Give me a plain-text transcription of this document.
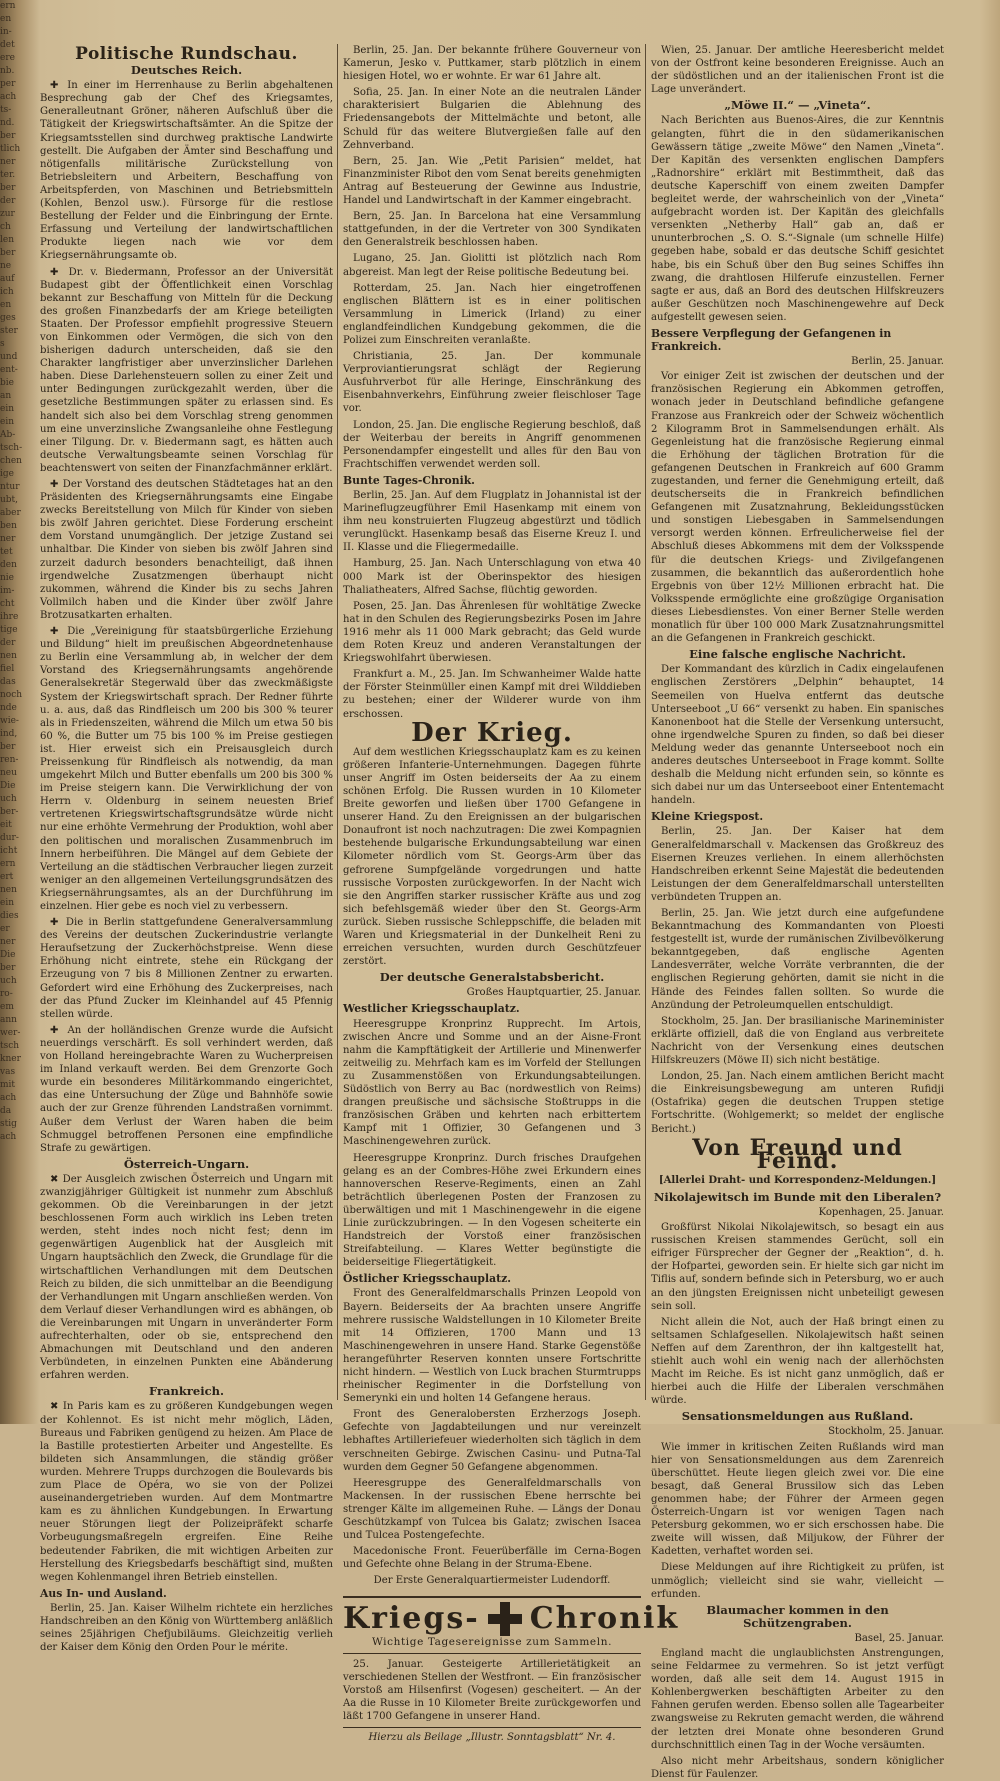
ern
en
in-
det
ere
nb.
per
ach
ts-
nd.
ber
tlich
ner
ter.
ber
der
zur
ch
len
ber
ne
auf
ich
en
ges
ster
s
und
ent-
bie
an
ein
ein
Ab-
tsch-
chen
ige
ntur
ubt,
aber
ben
ner
tet
den
nie
im-
cht
ihre
tige
der
nen
fiel
das
noch
nde
wie-
ind,
ber
ren-
neu
Die
uch
ber-
eit
dur-
icht
ern
ert
nen
ein
dies
er
ner
Die
ber
uch
ro-
em
ann
wer-
tsch
kner
vas
mit
ach
da
stig
ach
Politische Rundschau.
Deutsches Reich.

✚ In einer im Herrenhause zu Berlin abgehaltenen Besprechung gab der Chef des Kriegsamtes, Generalleutnant Gröner, näheren Aufschluß über die Tätigkeit der Kriegswirtschaftsämter. An die Spitze der Kriegsamtsstellen sind durchweg praktische Landwirte gestellt. Die Aufgaben der Ämter sind Beschaffung und nötigenfalls militärische Zurückstellung von Betriebsleitern und Arbeitern, Beschaffung von Arbeitspferden, von Maschinen und Betriebsmitteln (Kohlen, Benzol usw.). Fürsorge für die restlose Bestellung der Felder und die Einbringung der Ernte. Erfassung und Verteilung der landwirtschaftlichen Produkte liegen nach wie vor dem Kriegsernährungsamte ob.

✚ Dr. v. Biedermann, Professor an der Universität Budapest gibt der Öffentlichkeit einen Vorschlag bekannt zur Beschaffung von Mitteln für die Deckung des großen Finanzbedarfs der am Kriege beteiligten Staaten. Der Professor empfiehlt progressive Steuern von Einkommen oder Vermögen, die sich von den bisherigen dadurch unterscheiden, daß sie den Charakter langfristiger aber unverzinslicher Darlehen haben. Diese Darlehensteuern sollen zu einer Zeit und unter Bedingungen zurückgezahlt werden, über die gesetzliche Bestimmungen später zu erlassen sind. Es handelt sich also bei dem Vorschlag streng genommen um eine unverzinsliche Zwangsanleihe ohne Festlegung einer Tilgung. Dr. v. Biedermann sagt, es hätten auch deutsche Verwaltungsbeamte seinen Vorschlag für beachtenswert von seiten der Finanzfachmänner erklärt.

✚ Der Vorstand des deutschen Städtetages hat an den Präsidenten des Kriegsernährungsamts eine Eingabe zwecks Bereitstellung von Milch für Kinder von sieben bis zwölf Jahren gerichtet. Diese Forderung erscheint dem Vorstand unumgänglich. Der jetzige Zustand sei unhaltbar. Die Kinder von sieben bis zwölf Jahren sind zurzeit dadurch besonders benachteiligt, daß ihnen irgendwelche Zusatzmengen überhaupt nicht zukommen, während die Kinder bis zu sechs Jahren Vollmilch haben und die Kinder über zwölf Jahre Brotzusatkarten erhalten.

✚ Die „Vereinigung für staatsbürgerliche Erziehung und Bildung“ hielt im preußischen Abgeordnetenhause zu Berlin eine Versammlung ab, in welcher der dem Vorstand des Kriegsernährungsamts angehörende Generalsekretär Stegerwald über das zweckmäßigste System der Kriegswirtschaft sprach. Der Redner führte u. a. aus, daß das Rindfleisch um 200 bis 300 % teurer als in Friedenszeiten, während die Milch um etwa 50 bis 60 %, die Butter um 75 bis 100 % im Preise gestiegen ist. Hier erweist sich ein Preisausgleich durch Preissenkung für Rindfleisch als notwendig, da man umgekehrt Milch und Butter ebenfalls um 200 bis 300 % im Preise steigern kann. Die Verwirklichung der von Herrn v. Oldenburg in seinem neuesten Brief vertretenen Kriegswirtschaftsgrundsätze würde nicht nur eine erhöhte Vermehrung der Produktion, wohl aber den politischen und moralischen Zusammenbruch im Innern herbeiführen. Die Mängel auf dem Gebiete der Verteilung an die städtischen Verbraucher liegen zurzeit weniger an den allgemeinen Verteilungsgrundsätzen des Kriegsernährungsamtes, als an der Durchführung im einzelnen. Hier gebe es noch viel zu verbessern.

✚ Die in Berlin stattgefundene Generalversammlung des Vereins der deutschen Zuckerindustrie verlangte Heraufsetzung der Zuckerhöchstpreise. Wenn diese Erhöhung nicht eintrete, stehe ein Rückgang der Erzeugung von 7 bis 8 Millionen Zentner zu erwarten. Gefordert wird eine Erhöhung des Zuckerpreises, nach der das Pfund Zucker im Kleinhandel auf 45 Pfennig stellen würde.

✚ An der holländischen Grenze wurde die Aufsicht neuerdings verschärft. Es soll verhindert werden, daß von Holland hereingebrachte Waren zu Wucherpreisen im Inland verkauft werden. Bei dem Grenzorte Goch wurde ein besonderes Militärkommando eingerichtet, das eine Untersuchung der Züge und Bahnhöfe sowie auch der zur Grenze führenden Landstraßen vornimmt. Außer dem Verlust der Waren haben die beim Schmuggel betroffenen Personen eine empfindliche Strafe zu gewärtigen.

Österreich-Ungarn.

✖ Der Ausgleich zwischen Österreich und Ungarn mit zwanzigjähriger Gültigkeit ist nunmehr zum Abschluß gekommen. Ob die Vereinbarungen in der jetzt beschlossenen Form auch wirklich ins Leben treten werden, steht indes noch nicht fest; denn im gegenwärtigen Augenblick hat der Ausgleich mit Ungarn hauptsächlich den Zweck, die Grundlage für die wirtschaftlichen Verhandlungen mit dem Deutschen Reich zu bilden, die sich unmittelbar an die Beendigung der Verhandlungen mit Ungarn anschließen werden. Von dem Verlauf dieser Verhandlungen wird es abhängen, ob die Vereinbarungen mit Ungarn in unveränderter Form aufrechterhalten, oder ob sie, entsprechend den Abmachungen mit Deutschland und den anderen Verbündeten, in einzelnen Punkten eine Abänderung erfahren werden.

Frankreich.

✖ In Paris kam es zu größeren Kundgebungen wegen der Kohlennot. Es ist nicht mehr möglich, Läden, Bureaus und Fabriken genügend zu heizen. Am Place de la Bastille protestierten Arbeiter und Angestellte. Es bildeten sich Ansammlungen, die ständig größer wurden. Mehrere Trupps durchzogen die Boulevards bis zum Place de Opéra, wo sie von der Polizei auseinandergetrieben wurden. Auf dem Montmartre kam es zu ähnlichen Kundgebungen. In Erwartung neuer Störungen liegt der Polizeipräfekt scharfe Vorbeugungsmaßregeln ergreifen. Eine Reihe bedeutender Fabriken, die mit wichtigen Arbeiten zur Herstellung des Kriegsbedarfs beschäftigt sind, mußten wegen Kohlenmangel ihren Betrieb einstellen.

Aus In- und Ausland.

Berlin, 25. Jan. Kaiser Wilhelm richtete ein herzliches Handschreiben an den König von Württemberg anläßlich seines 25jährigen Chefjubiläums. Gleichzeitig verlieh der Kaiser dem König den Orden Pour le mérite.

Berlin, 25. Jan. Der bekannte frühere Gouverneur von Kamerun, Jesko v. Puttkamer, starb plötzlich in einem hiesigen Hotel, wo er wohnte. Er war 61 Jahre alt.

Sofia, 25. Jan. In einer Note an die neutralen Länder charakterisiert Bulgarien die Ablehnung des Friedensangebots der Mittelmächte und betont, alle Schuld für das weitere Blutvergießen falle auf den Zehnverband.

Bern, 25. Jan. Wie „Petit Parisien“ meldet, hat Finanzminister Ribot den vom Senat bereits genehmigten Antrag auf Besteuerung der Gewinne aus Industrie, Handel und Landwirtschaft in der Kammer eingebracht.

Bern, 25. Jan. In Barcelona hat eine Versammlung stattgefunden, in der die Vertreter von 300 Syndikaten den Generalstreik beschlossen haben.

Lugano, 25. Jan. Giolitti ist plötzlich nach Rom abgereist. Man legt der Reise politische Bedeutung bei.

Rotterdam, 25. Jan. Nach hier eingetroffenen englischen Blättern ist es in einer politischen Versammlung in Limerick (Irland) zu einer englandfeindlichen Kundgebung gekommen, die die Polizei zum Einschreiten veranlaßte.

Christiania, 25. Jan. Der kommunale Verproviantierungsrat schlägt der Regierung Ausfuhrverbot für alle Heringe, Einschränkung des Eisenbahnverkehrs, Einführung zweier fleischloser Tage vor.

London, 25. Jan. Die englische Regierung beschloß, daß der Weiterbau der bereits in Angriff genommenen Personendampfer eingestellt und alles für den Bau von Frachtschiffen verwendet werden soll.

Bunte Tages-Chronik.

Berlin, 25. Jan. Auf dem Flugplatz in Johannistal ist der Marineflugzeugführer Emil Hasenkamp mit einem von ihm neu konstruierten Flugzeug abgestürzt und tödlich verunglückt. Hasenkamp besaß das Eiserne Kreuz I. und II. Klasse und die Fliegermedaille.

Hamburg, 25. Jan. Nach Unterschlagung von etwa 40 000 Mark ist der Oberinspektor des hiesigen Thaliatheaters, Alfred Sachse, flüchtig geworden.

Posen, 25. Jan. Das Ährenlesen für wohltätige Zwecke hat in den Schulen des Regierungsbezirks Posen im Jahre 1916 mehr als 11 000 Mark gebracht; das Geld wurde dem Roten Kreuz und anderen Veranstaltungen der Kriegswohlfahrt überwiesen.

Frankfurt a. M., 25. Jan. Im Schwanheimer Walde hatte der Förster Steinmüller einen Kampf mit drei Wilddieben zu bestehen; einer der Wilderer wurde von ihm erschossen.

Der Krieg.

Auf dem westlichen Kriegsschauplatz kam es zu keinen größeren Infanterie-Unternehmungen. Dagegen führte unser Angriff im Osten beiderseits der Aa zu einem schönen Erfolg. Die Russen wurden in 10 Kilometer Breite geworfen und ließen über 1700 Gefangene in unserer Hand. Zu den Ereignissen an der bulgarischen Donaufront ist noch nachzutragen: Die zwei Kompagnien bestehende bulgarische Erkundungsabteilung war einen Kilometer nördlich vom St. Georgs-Arm über das gefrorene Sumpfgelände vorgedrungen und hatte russische Vorposten zurückgeworfen. In der Nacht wich sie den Angriffen starker russischer Kräfte aus und zog sich befehlsgemäß wieder über den St. Georgs-Arm zurück. Sieben russische Schleppschiffe, die beladen mit Waren und Kriegsmaterial in der Dunkelheit Reni zu erreichen versuchten, wurden durch Geschützfeuer zerstört.

Der deutsche Generalstabsbericht.
Großes Hauptquartier, 25. Januar.
Westlicher Kriegsschauplatz.

Heeresgruppe Kronprinz Rupprecht. Im Artois, zwischen Ancre und Somme und an der Aisne-Front nahm die Kampftätigkeit der Artillerie und Minenwerfer zeitweilig zu. Mehrfach kam es im Vorfeld der Stellungen zu Zusammenstößen von Erkundungsabteilungen. Südöstlich von Berry au Bac (nordwestlich von Reims) drangen preußische und sächsische Stoßtrupps in die französischen Gräben und kehrten nach erbittertem Kampf mit 1 Offizier, 30 Gefangenen und 3 Maschinengewehren zurück.

Heeresgruppe Kronprinz. Durch frisches Draufgehen gelang es an der Combres-Höhe zwei Erkundern eines hannoverschen Reserve-Regiments, einen an Zahl beträchtlich überlegenen Posten der Franzosen zu überwältigen und mit 1 Maschinengewehr in die eigene Linie zurückzubringen. — In den Vogesen scheiterte ein Handstreich der Vorstoß einer französischen Streifabteilung. — Klares Wetter begünstigte die beiderseitige Fliegertätigkeit.

Östlicher Kriegsschauplatz.

Front des Generalfeldmarschalls Prinzen Leopold von Bayern. Beiderseits der Aa brachten unsere Angriffe mehrere russische Waldstellungen in 10 Kilometer Breite mit 14 Offizieren, 1700 Mann und 13 Maschinengewehren in unsere Hand. Starke Gegenstöße herangeführter Reserven konnten unsere Fortschritte nicht hindern. — Westlich von Luck brachen Sturmtrupps rheinischer Regimenter in die Dorfstellung von Semerynki ein und holten 14 Gefangene heraus.

Front des Generalobersten Erzherzogs Joseph. Gefechte von Jagdabteilungen und nur vereinzelt lebhaftes Artilleriefeuer wiederholten sich täglich in dem verschneiten Gebirge. Zwischen Casinu- und Putna-Tal wurden dem Gegner 50 Gefangene abgenommen.

Heeresgruppe des Generalfeldmarschalls von Mackensen. In der russischen Ebene herrschte bei strenger Kälte im allgemeinen Ruhe. — Längs der Donau Geschützkampf von Tulcea bis Galatz; zwischen Isacea und Tulcea Postengefechte.

Macedonische Front. Feuerüberfälle im Cerna-Bogen und Gefechte ohne Belang in der Struma-Ebene.

Der Erste Generalquartiermeister Ludendorff.
Kriegs- Chronik
Wichtige Tagesereignisse zum Sammeln.

25. Januar. Gesteigerte Artillerietätigkeit an verschiedenen Stellen der Westfront. — Ein französischer Vorstoß am Hilsenfirst (Vogesen) gescheitert. — An der Aa die Russe in 10 Kilometer Breite zurückgeworfen und läßt 1700 Gefangene in unserer Hand.

Hierzu als Beilage „Illustr. Sonntagsblatt“ Nr. 4.

Wien, 25. Januar. Der amtliche Heeresbericht meldet von der Ostfront keine besonderen Ereignisse. Auch an der südöstlichen und an der italienischen Front ist die Lage unverändert.

„Möwe II.“ — „Vineta“.

Nach Berichten aus Buenos-Aires, die zur Kenntnis gelangten, führt die in den südamerikanischen Gewässern tätige „zweite Möwe“ den Namen „Vineta“. Der Kapitän des versenkten englischen Dampfers „Radnorshire“ erklärt mit Bestimmtheit, daß das deutsche Kaperschiff von einem zweiten Dampfer begleitet werde, der wahrscheinlich von der „Vineta“ aufgebracht worden ist. Der Kapitän des gleichfalls versenkten „Netherby Hall“ gab an, daß er ununterbrochen „S. O. S.“-Signale (um schnelle Hilfe) gegeben habe, sobald er das deutsche Schiff gesichtet habe, bis ein Schuß über den Bug seines Schiffes ihn zwang, die drahtlosen Hilferufe einzustellen. Ferner sagte er aus, daß an Bord des deutschen Hilfskreuzers außer Geschützen noch Maschinengewehre auf Deck aufgestellt gewesen seien.

Bessere Verpflegung der Gefangenen in Frankreich.
Berlin, 25. Januar.

Vor einiger Zeit ist zwischen der deutschen und der französischen Regierung ein Abkommen getroffen, wonach jeder in Deutschland befindliche gefangene Franzose aus Frankreich oder der Schweiz wöchentlich 2 Kilogramm Brot in Sammelsendungen erhält. Als Gegenleistung hat die französische Regierung einmal die Erhöhung der täglichen Brotration für die gefangenen Deutschen in Frankreich auf 600 Gramm zugestanden, und ferner die Genehmigung erteilt, daß deutscherseits die in Frankreich befindlichen Gefangenen mit Zusatznahrung, Bekleidungsstücken und sonstigen Liebesgaben in Sammelsendungen versorgt werden können. Erfreulicherweise fiel der Abschluß dieses Abkommens mit dem der Volksspende für die deutschen Kriegs- und Zivilgefangenen zusammen, die bekanntlich das außerordentlich hohe Ergebnis von über 12½ Millionen erbracht hat. Die Volksspende ermöglichte eine großzügige Organisation dieses Liebesdienstes. Von einer Berner Stelle werden monatlich für über 100 000 Mark Zusatznahrungsmittel an die Gefangenen in Frankreich geschickt.

Eine falsche englische Nachricht.

Der Kommandant des kürzlich in Cadix eingelaufenen englischen Zerstörers „Delphin“ behauptet, 14 Seemeilen von Huelva entfernt das deutsche Unterseeboot „U 66“ versenkt zu haben. Ein spanisches Kanonenboot hat die Stelle der Versenkung untersucht, ohne irgendwelche Spuren zu finden, so daß bei dieser Meldung weder das genannte Unterseeboot noch ein anderes deutsches Unterseeboot in Frage kommt. Sollte deshalb die Meldung nicht erfunden sein, so könnte es sich dabei nur um das Unterseeboot einer Ententemacht handeln.

Kleine Kriegspost.

Berlin, 25. Jan. Der Kaiser hat dem Generalfeldmarschall v. Mackensen das Großkreuz des Eisernen Kreuzes verliehen. In einem allerhöchsten Handschreiben erkennt Seine Majestät die bedeutenden Leistungen der dem Generalfeldmarschall unterstellten verbündeten Truppen an.

Berlin, 25. Jan. Wie jetzt durch eine aufgefundene Bekanntmachung des Kommandanten von Ploesti festgestellt ist, wurde der rumänischen Zivilbevölkerung bekanntgegeben, daß englische Agenten Landesverräter, welche Vorräte verbrannten, die der englischen Regierung gehörten, damit sie nicht in die Hände des Feindes fallen sollten. So wurde die Anzündung der Petroleumquellen entschuldigt.

Stockholm, 25. Jan. Der brasilianische Marineminister erklärte offiziell, daß die von England aus verbreitete Nachricht von der Versenkung eines deutschen Hilfskreuzers (Möwe II) sich nicht bestätige.

London, 25. Jan. Nach einem amtlichen Bericht macht die Einkreisungsbewegung am unteren Rufidji (Ostafrika) gegen die deutschen Truppen stetige Fortschritte. (Wohlgemerkt; so meldet der englische Bericht.)

Von Freund und Feind.
[Allerlei Draht- und Korrespondenz-Meldungen.]
Nikolajewitsch im Bunde mit den Liberalen?
Kopenhagen, 25. Januar.

Großfürst Nikolai Nikolajewitsch, so besagt ein aus russischen Kreisen stammendes Gerücht, soll ein eifriger Fürsprecher der Gegner der „Reaktion“, d. h. der Hofpartei, geworden sein. Er hielte sich gar nicht im Tiflis auf, sondern befinde sich in Petersburg, wo er auch an den jüngsten Ereignissen nicht unbeteiligt gewesen sein soll.

Nicht allein die Not, auch der Haß bringt einen zu seltsamen Schlafgesellen. Nikolajewitsch haßt seinen Neffen auf dem Zarenthron, der ihn kaltgestellt hat, stiehlt auch wohl ein wenig nach der allerhöchsten Macht im Reiche. Es ist nicht ganz unmöglich, daß er hierbei auch die Hilfe der Liberalen verschmähen würde.

Sensationsmeldungen aus Rußland.
Stockholm, 25. Januar.

Wie immer in kritischen Zeiten Rußlands wird man hier von Sensationsmeldungen aus dem Zarenreich überschüttet. Heute liegen gleich zwei vor. Die eine besagt, daß General Brussilow sich das Leben genommen habe; der Führer der Armeen gegen Österreich-Ungarn ist vor wenigen Tagen nach Petersburg gekommen, wo er sich erschossen habe. Die zweite will wissen, daß Miljukow, der Führer der Kadetten, verhaftet worden sei.

Diese Meldungen auf ihre Richtigkeit zu prüfen, ist unmöglich; vielleicht sind sie wahr, vielleicht — erfunden.

Blaumacher kommen in den Schützengraben.
Basel, 25. Januar.

England macht die unglaublichsten Anstrengungen, seine Feldarmee zu vermehren. So ist jetzt verfügt worden, daß alle seit dem 14. August 1915 in Kohlenbergwerken beschäftigten Arbeiter zu den Fahnen gerufen werden. Ebenso sollen alle Tagearbeiter zwangsweise zu Rekruten gemacht werden, die während der letzten drei Monate ohne besonderen Grund durchschnittlich einen Tag in der Woche versäumten.

Also nicht mehr Arbeitshaus, sondern königlicher Dienst für Faulenzer.
